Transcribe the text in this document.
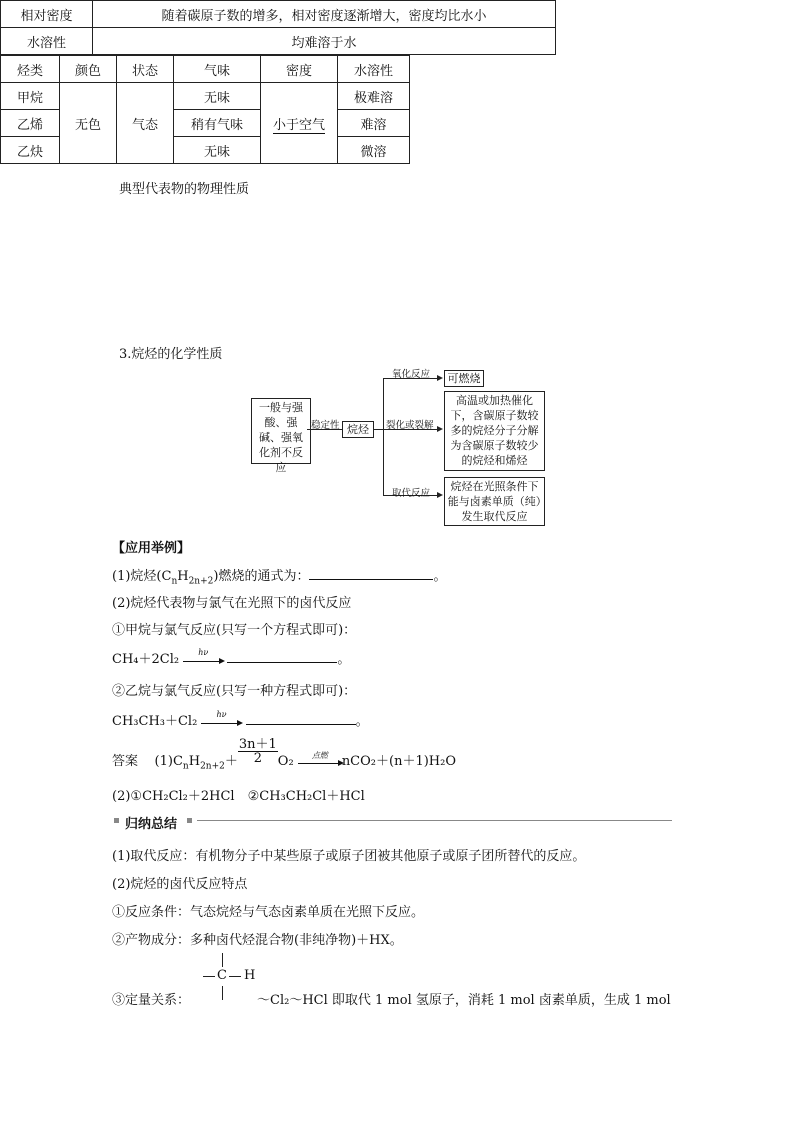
相对密度	随着碳原子数的增多，相对密度逐渐增大，密度均比水小
水溶性	均难溶于水
典型代表物的物理性质
烃类	颜色	状态	气味	密度	水溶性
甲烷	无色	气态	无味	小于空气	极难溶
乙烯			稍有气味		难溶
乙炔			无味		微溶
3.烷烃的化学性质
一般与强酸、强碱、强氧化剂不反应
稳定性 烷烃
氧化反应	可燃烧
裂化或裂解
高温或加热催化下，含碳原子数较多的烷烃分子分解为含碳原子数较少的烷烃和烯烃
取代反应
烷烃在光照条件下能与卤素单质（纯）发生取代反应
【应用举例】
(1)烷烃$(C_nH_{2n+2})$燃烧的通式为：	。
(2)烷烃代表物与氯气在光照下的卤代反应
①甲烷与氯气反应(只写一个方程式即可)：
CH₄＋2Cl₂	hν	。
②乙烷与氯气反应(只写一种方程式即可)：
CH₃CH₃＋Cl₂	hν	。
答案 $(1)C_nH_{2n+2}+ \frac{3n+1}{2} O_2$	点燃	nCO₂＋(n＋1)H₂O
(2)①CH₂Cl₂＋2HCl　②CH₃CH₂Cl＋HCl
归纳总结
(1)取代反应：有机物分子中某些原子或原子团被其他原子或原子团所替代的反应。
(2)烷烃的卤代反应特点
①反应条件：气态烷烃与气态卤素单质在光照下反应。
②产物成分：多种卤代烃混合物(非纯净物)＋HX。
C H
③定量关系：	～Cl₂～HCl 即取代 1 mol 氢原子，消耗 1 mol 卤素单质，生成 1 mol
